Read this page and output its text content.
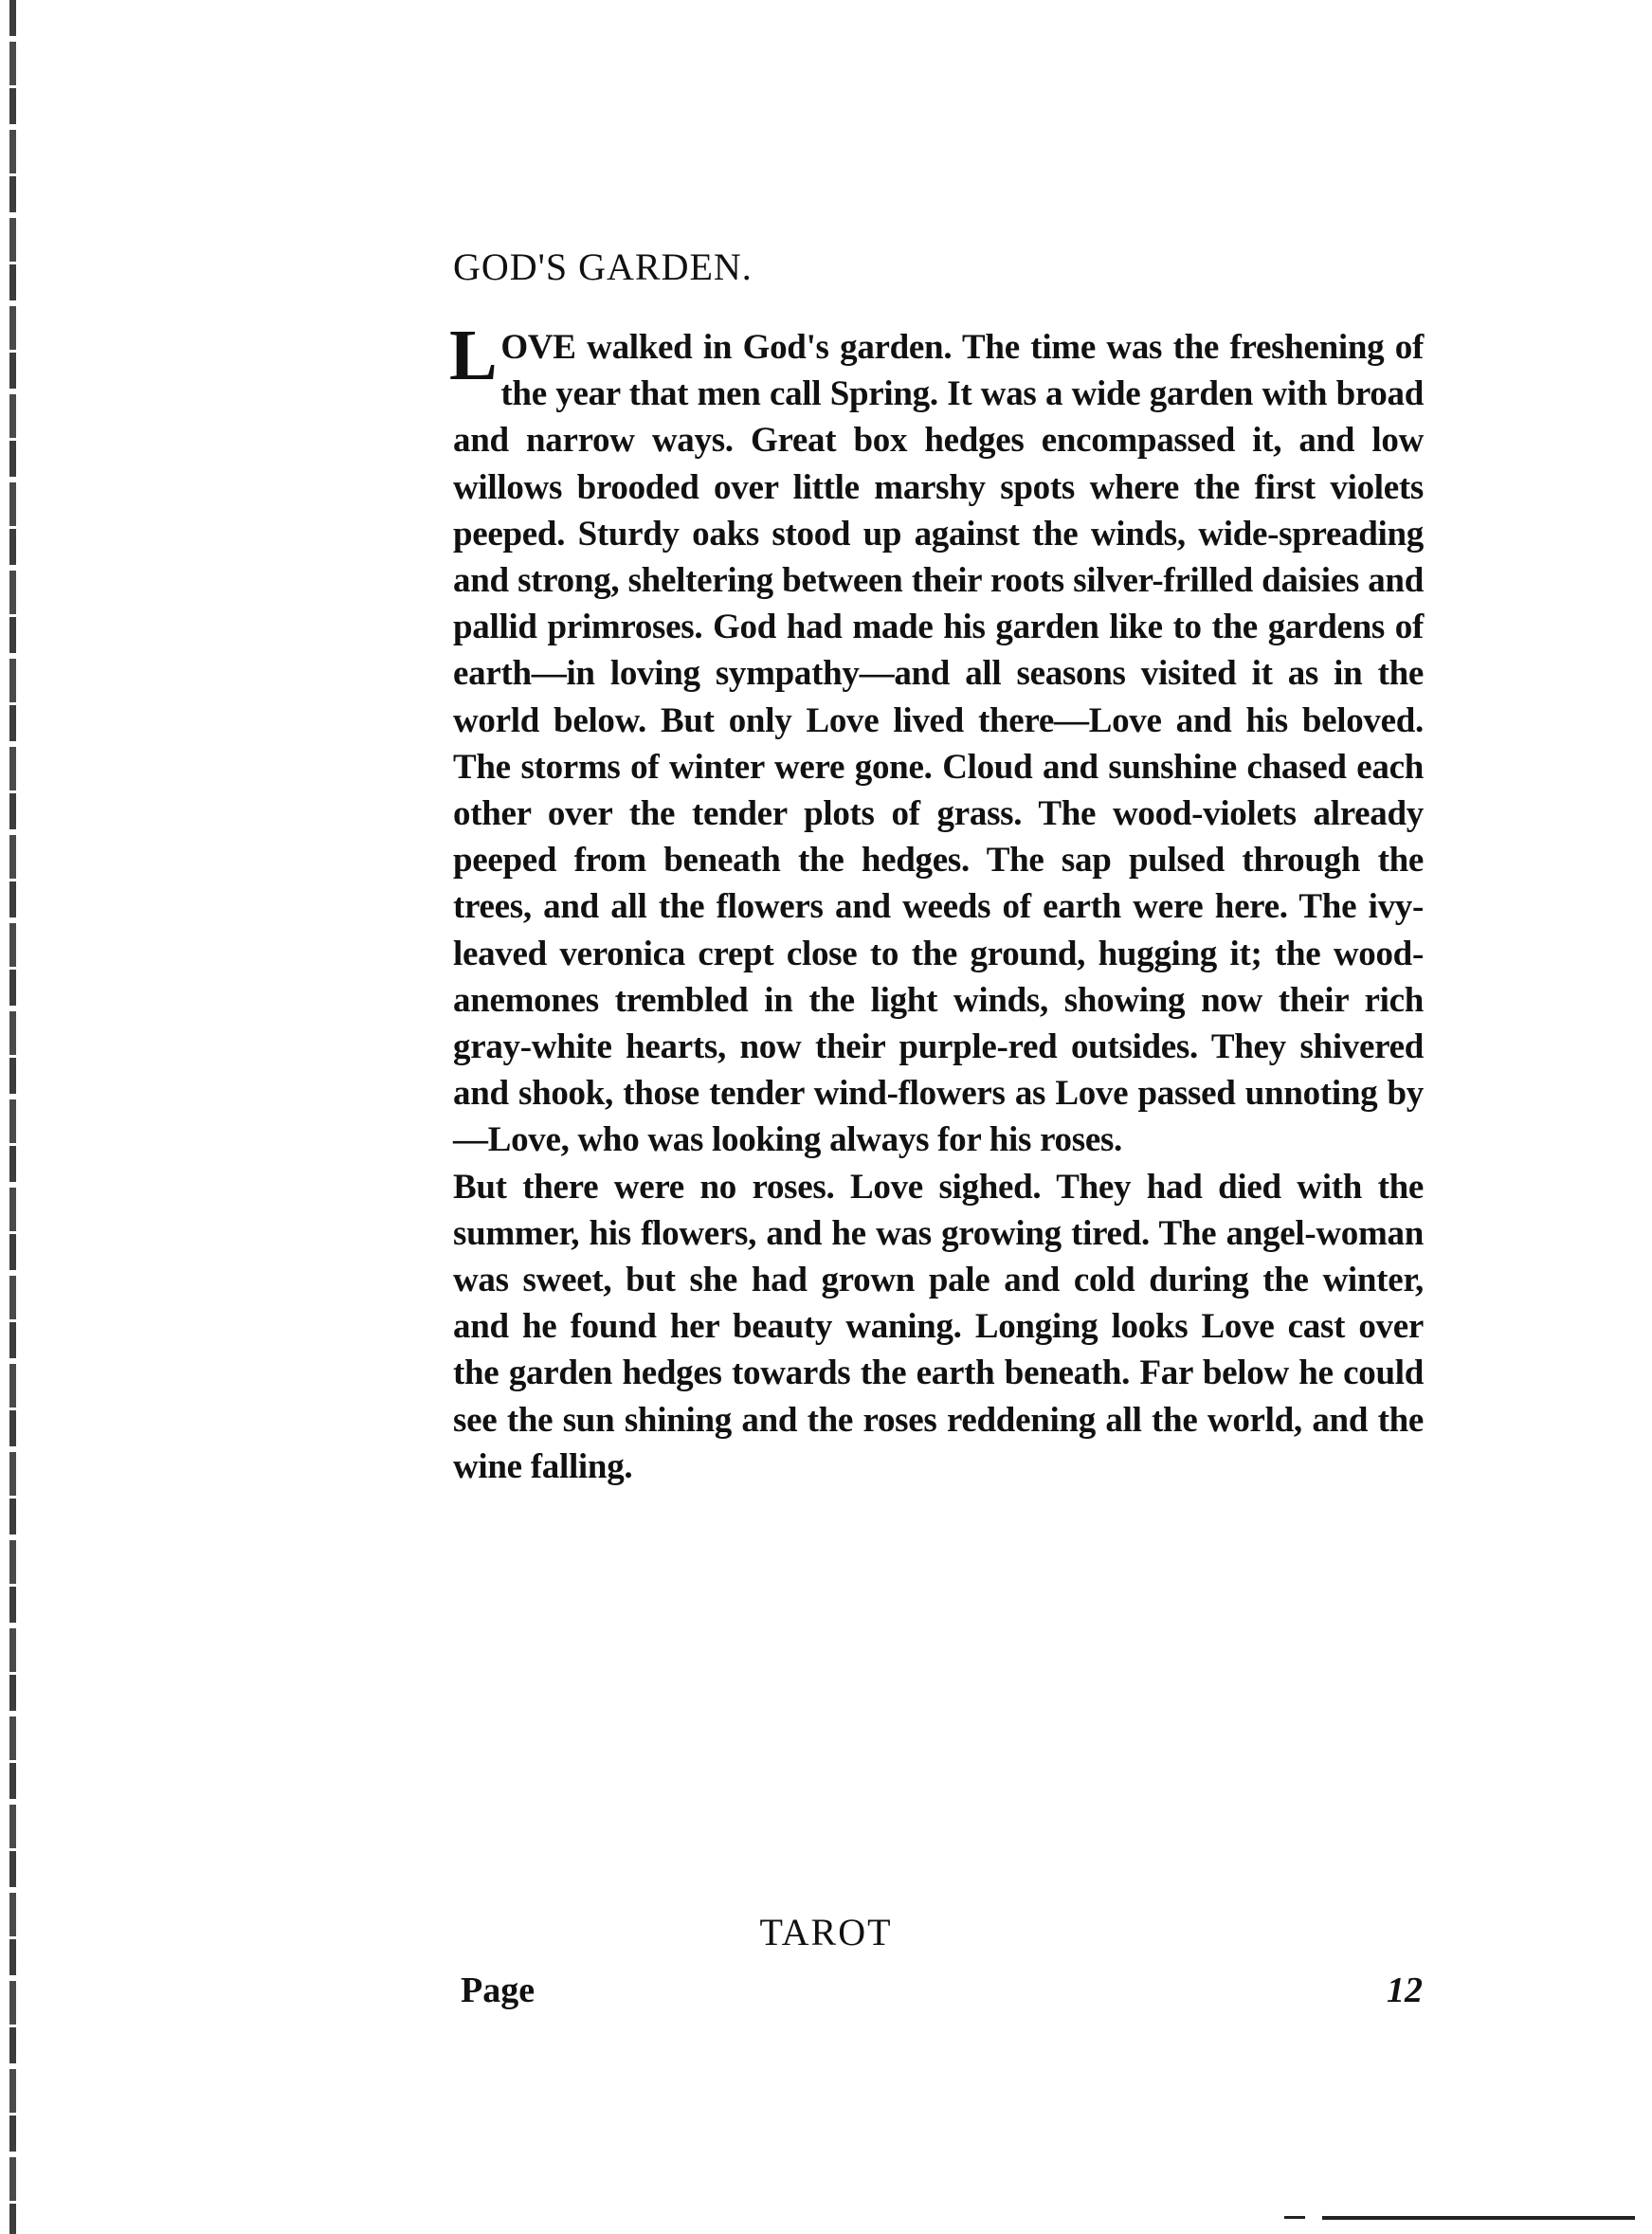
GOD'S GARDEN.

LOVE walked in God's garden. The time was the freshening of the year that men call Spring. It was a wide garden with broad and narrow ways. Great box hedges encompassed it, and low willows brooded over little marshy spots where the first violets peeped. Sturdy oaks stood up against the winds, wide-spreading and strong, sheltering between their roots silver-frilled daisies and pallid primroses. God had made his garden like to the gardens of earth—in loving sympathy—and all seasons visited it as in the world below. But only Love lived there—Love and his beloved. The storms of winter were gone. Cloud and sunshine chased each other over the tender plots of grass. The wood-violets already peeped from beneath the hedges. The sap pulsed through the trees, and all the flowers and weeds of earth were here. The ivy-leaved veronica crept close to the ground, hugging it; the wood-anemones trembled in the light winds, showing now their rich gray-white hearts, now their purple-red outsides. They shivered and shook, those tender wind-flowers as Love passed unnoting by—Love, who was looking always for his roses.

But there were no roses. Love sighed. They had died with the summer, his flowers, and he was growing tired. The angel-woman was sweet, but she had grown pale and cold during the winter, and he found her beauty waning. Longing looks Love cast over the garden hedges towards the earth beneath. Far below he could see the sun shining and the roses reddening all the world, and the wine falling.

TAROT
Page	12
